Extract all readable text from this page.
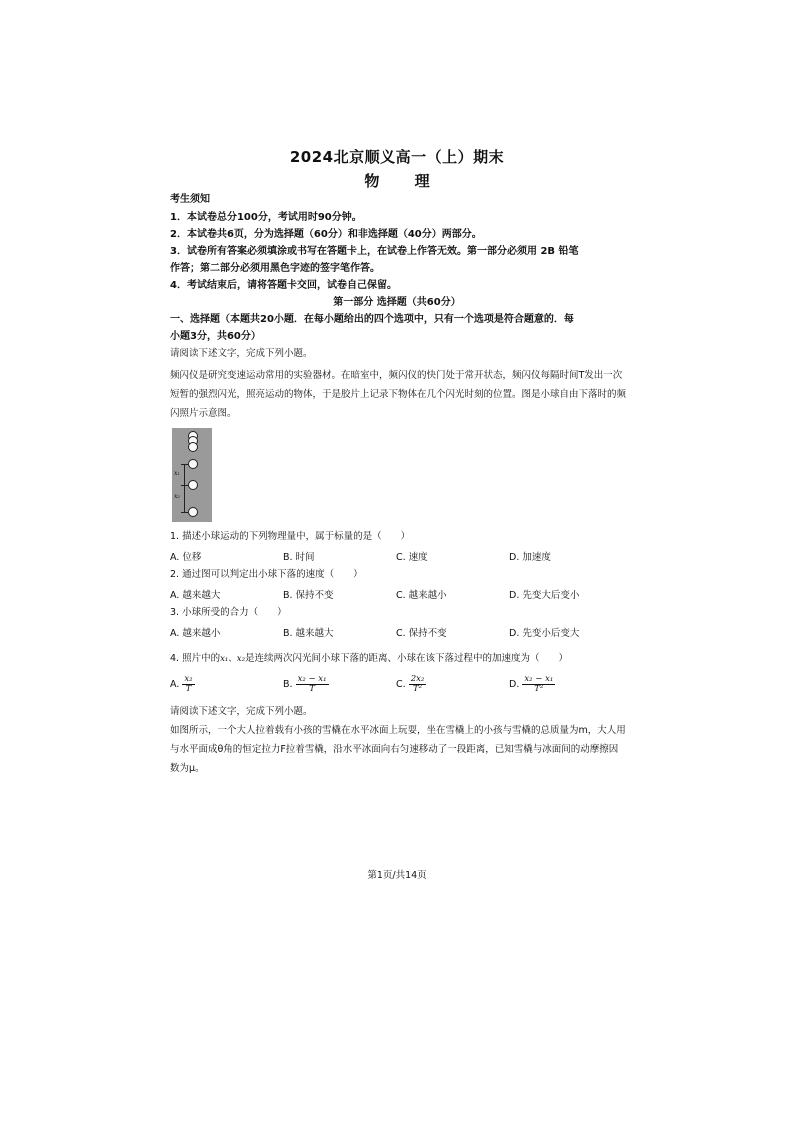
2024北京顺义高一（上）期末
物 理
考生须知
1．本试卷总分100分，考试用时90分钟。
2．本试卷共6页，分为选择题（60分）和非选择题（40分）两部分。
3．试卷所有答案必须填涂或书写在答题卡上，在试卷上作答无效。第一部分必须用 2B 铅笔
作答；第二部分必须用黑色字迹的签字笔作答。
4．考试结束后，请将答题卡交回，试卷自己保留。
第一部分 选择题（共60分）
一、选择题（本题共20小题．在每小题给出的四个选项中，只有一个选项是符合题意的．每
小题3分，共60分）
请阅读下述文字，完成下列小题。
频闪仪是研究变速运动常用的实验器材。在暗室中，频闪仪的快门处于常开状态，频闪仪每隔时间T发出一次短暂的强烈闪光，照亮运动的物体，于是胶片上记录下物体在几个闪光时刻的位置。图是小球自由下落时的频闪照片示意图。
x₁
x₂
1. 描述小球运动的下列物理量中，属于标量的是（　　）
A. 位移	B. 时间	C. 速度	D. 加速度
2. 通过图可以判定出小球下落的速度（　　）
A. 越来越大	B. 保持不变	C. 越来越小	D. 先变大后变小
3. 小球所受的合力（　　）
A. 越来越小	B. 越来越大	C. 保持不变	D. 先变小后变大
4. 照片中的x₁、x₂是连续两次闪光间小球下落的距离、小球在该下落过程中的加速度为（　　）
A. $\frac{\text{x₂}}{T}$	B. $\frac{\text{x₂ − x₁}}{T}$	C. $\frac{\text{2x₂}}{\text{T²}}$	D. $\frac{\text{x₂ − x₁}}{\text{T²}}$
请阅读下述文字，完成下列小题。
如图所示，一个大人拉着载有小孩的雪橇在水平冰面上玩耍，坐在雪橇上的小孩与雪橇的总质量为m，大人用与水平面成θ角的恒定拉力F拉着雪橇，沿水平冰面向右匀速移动了一段距离，已知雪橇与冰面间的动摩擦因数为μ。
第1页/共14页
